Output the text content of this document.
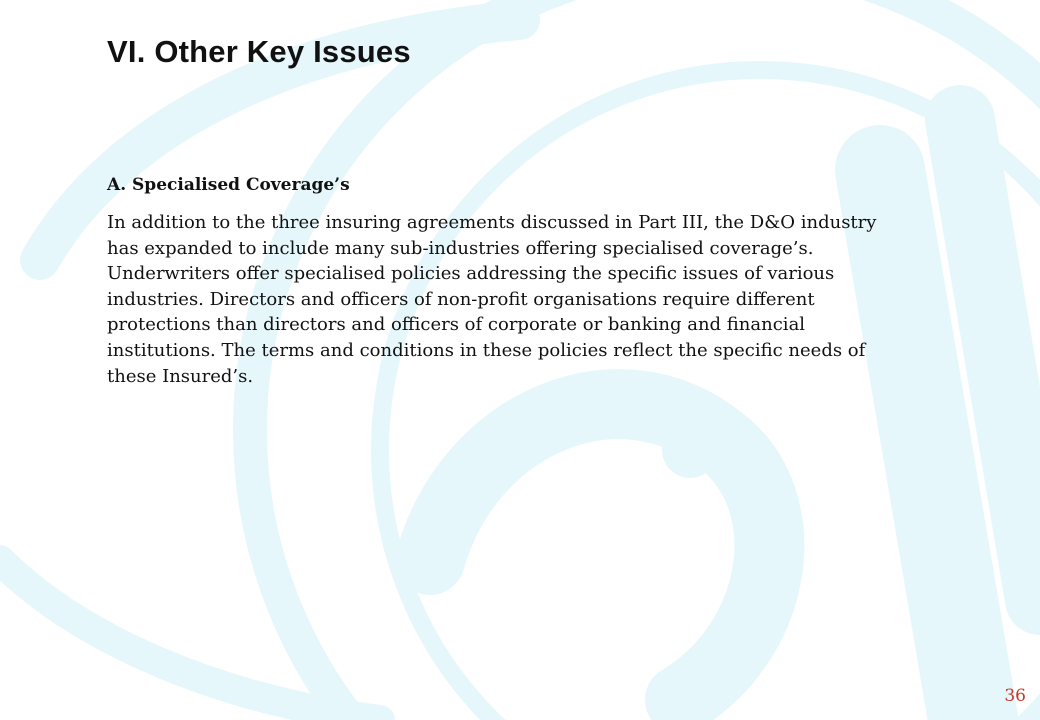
VI. Other Key Issues

A. Specialised Coverage’s

In addition to the three insuring agreements discussed in Part III, the D&O industry has expanded to include many sub-industries offering specialised coverage’s. Underwriters offer specialised policies addressing the specific issues of various industries. Directors and officers of non-profit organisations require different protections than directors and officers of corporate or banking and financial institutions. The terms and conditions in these policies reflect the specific needs of these Insured’s.

36
